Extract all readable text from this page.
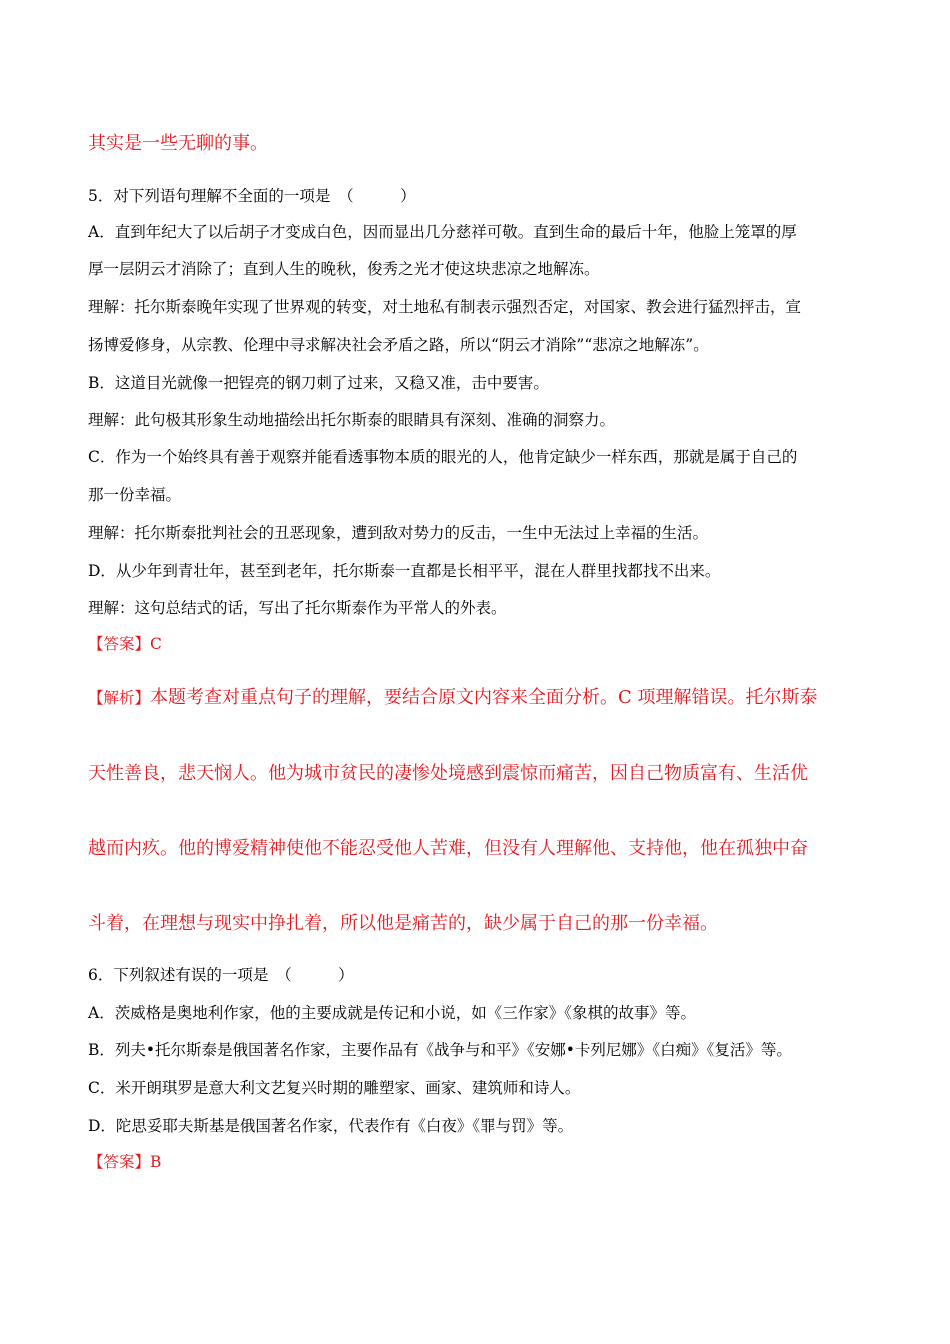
其实是一些无聊的事。
5．对下列语句理解不全面的一项是　（　　　）
A．直到年纪大了以后胡子才变成白色，因而显出几分慈祥可敬。直到生命的最后十年，他脸上笼罩的厚
厚一层阴云才消除了；直到人生的晚秋，俊秀之光才使这块悲凉之地解冻。
理解：托尔斯泰晚年实现了世界观的转变，对土地私有制表示强烈否定，对国家、教会进行猛烈抨击，宣
扬博爱修身，从宗教、伦理中寻求解决社会矛盾之路，所以“阴云才消除”“悲凉之地解冻”。
B．这道目光就像一把锃亮的钢刀刺了过来，又稳又准，击中要害。
理解：此句极其形象生动地描绘出托尔斯泰的眼睛具有深刻、准确的洞察力。
C．作为一个始终具有善于观察并能看透事物本质的眼光的人，他肯定缺少一样东西，那就是属于自己的
那一份幸福。
理解：托尔斯泰批判社会的丑恶现象，遭到敌对势力的反击，一生中无法过上幸福的生活。
D．从少年到青壮年，甚至到老年，托尔斯泰一直都是长相平平，混在人群里找都找不出来。
理解：这句总结式的话，写出了托尔斯泰作为平常人的外表。
【答案】C
【解析】本题考查对重点句子的理解，要结合原文内容来全面分析。C 项理解错误。托尔斯泰
天性善良，悲天悯人。他为城市贫民的凄惨处境感到震惊而痛苦，因自己物质富有、生活优
越而内疚。他的博爱精神使他不能忍受他人苦难，但没有人理解他、支持他，他在孤独中奋
斗着，在理想与现实中挣扎着，所以他是痛苦的，缺少属于自己的那一份幸福。
6．下列叙述有误的一项是　（　　　）
A．茨威格是奥地利作家，他的主要成就是传记和小说，如《三作家》《象棋的故事》等。
B．列夫•托尔斯泰是俄国著名作家，主要作品有《战争与和平》《安娜•卡列尼娜》《白痴》《复活》等。
C．米开朗琪罗是意大利文艺复兴时期的雕塑家、画家、建筑师和诗人。
D．陀思妥耶夫斯基是俄国著名作家，代表作有《白夜》《罪与罚》等。
【答案】B
